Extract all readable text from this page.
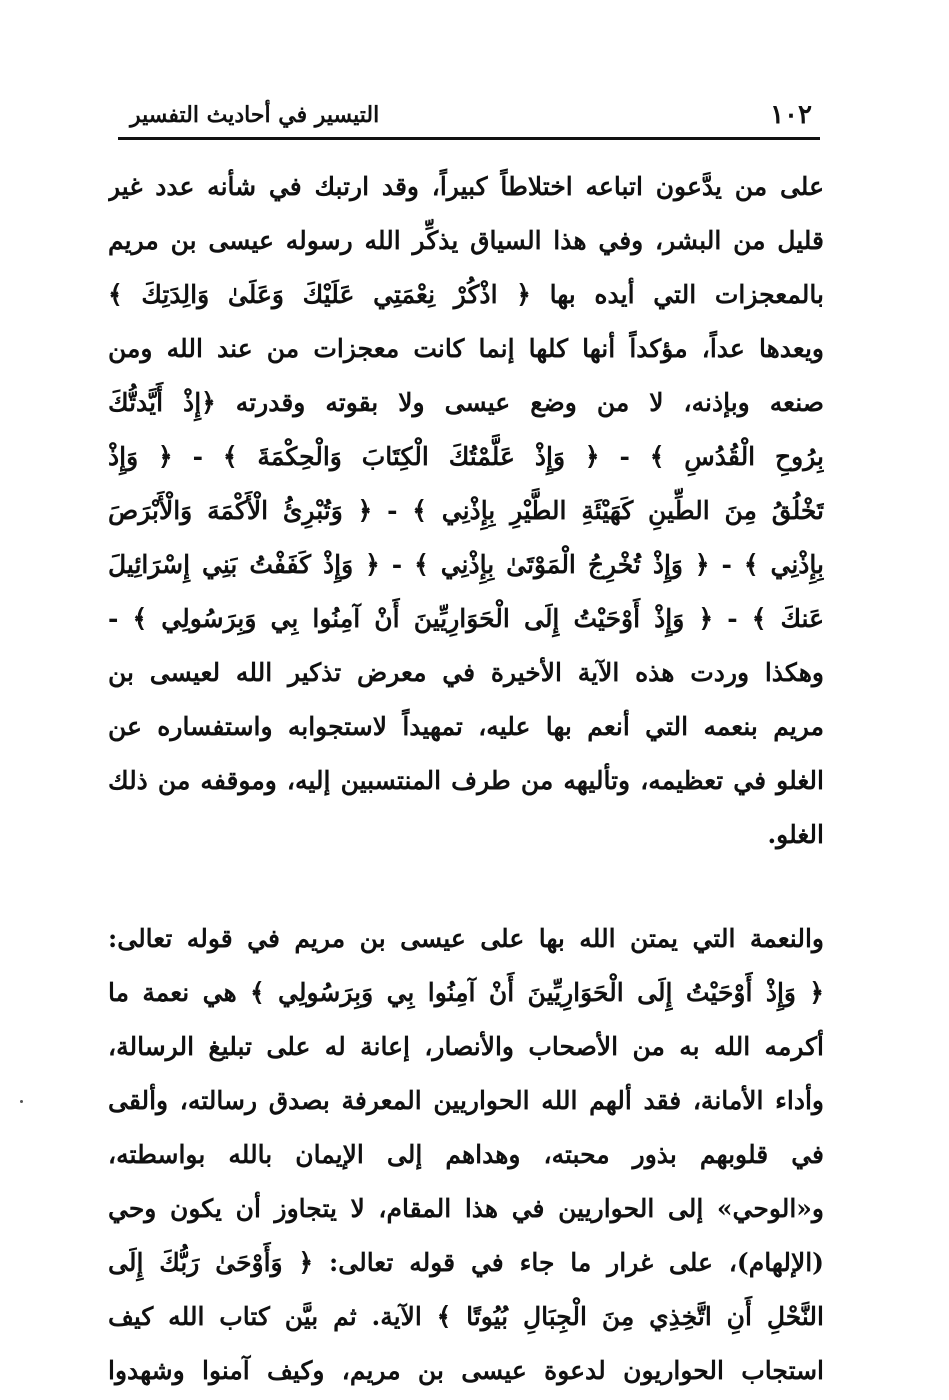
١٠٢
التيسير في أحاديث التفسير
على من يدَّعون اتباعه اختلاطاً كبيراً، وقد ارتبك في شأنه عدد غير
قليل من البشر، وفي هذا السياق يذكِّر الله رسوله عيسى بن مريم
بالمعجزات التي أيده بها ﴿ اذْكُرْ نِعْمَتِي عَلَيْكَ وَعَلَىٰ وَالِدَتِكَ ﴾
ويعدها عداً، مؤكداً أنها كلها إنما كانت معجزات من عند الله ومن
صنعه وبإذنه، لا من وضع عيسى ولا بقوته وقدرته ﴿إِذْ أَيَّدتُّكَ
بِرُوحِ الْقُدُسِ ﴾ - ﴿ وَإِذْ عَلَّمْتُكَ الْكِتَابَ وَالْحِكْمَةَ ﴾ - ﴿ وَإِذْ
تَخْلُقُ مِنَ الطِّينِ كَهَيْئَةِ الطَّيْرِ بِإِذْنِي ﴾ - ﴿ وَتُبْرِئُ الْأَكْمَهَ وَالْأَبْرَصَ
بِإِذْنِي ﴾ - ﴿ وَإِذْ تُخْرِجُ الْمَوْتَىٰ بِإِذْنِي ﴾ - ﴿ وَإِذْ كَفَفْتُ بَنِي إِسْرَائِيلَ
عَنكَ ﴾ - ﴿ وَإِذْ أَوْحَيْتُ إِلَى الْحَوَارِيِّينَ أَنْ آمِنُوا بِي وَبِرَسُولِي ﴾ -
وهكذا وردت هذه الآية الأخيرة في معرض تذكير الله لعيسى بن
مريم بنعمه التي أنعم بها عليه، تمهيداً لاستجوابه واستفساره عن
الغلو في تعظيمه، وتأليهه من طرف المنتسبين إليه، وموقفه من ذلك
الغلو.
والنعمة التي يمتن الله بها على عيسى بن مريم في قوله تعالى:
﴿ وَإِذْ أَوْحَيْتُ إِلَى الْحَوَارِيِّينَ أَنْ آمِنُوا بِي وَبِرَسُولِي ﴾ هي نعمة ما
أكرمه الله به من الأصحاب والأنصار، إعانة له على تبليغ الرسالة،
وأداء الأمانة، فقد ألهم الله الحواريين المعرفة بصدق رسالته، وألقى
في قلوبهم بذور محبته، وهداهم إلى الإيمان بالله بواسطته،
و«الوحي» إلى الحواريين في هذا المقام، لا يتجاوز أن يكون وحي
(الإلهام)، على غرار ما جاء في قوله تعالى: ﴿ وَأَوْحَىٰ رَبُّكَ إِلَى
النَّحْلِ أَنِ اتَّخِذِي مِنَ الْجِبَالِ بُيُوتًا ﴾ الآية. ثم بيَّن كتاب الله كيف
استجاب الحواريون لدعوة عيسى بن مريم، وكيف آمنوا وشهدوا
